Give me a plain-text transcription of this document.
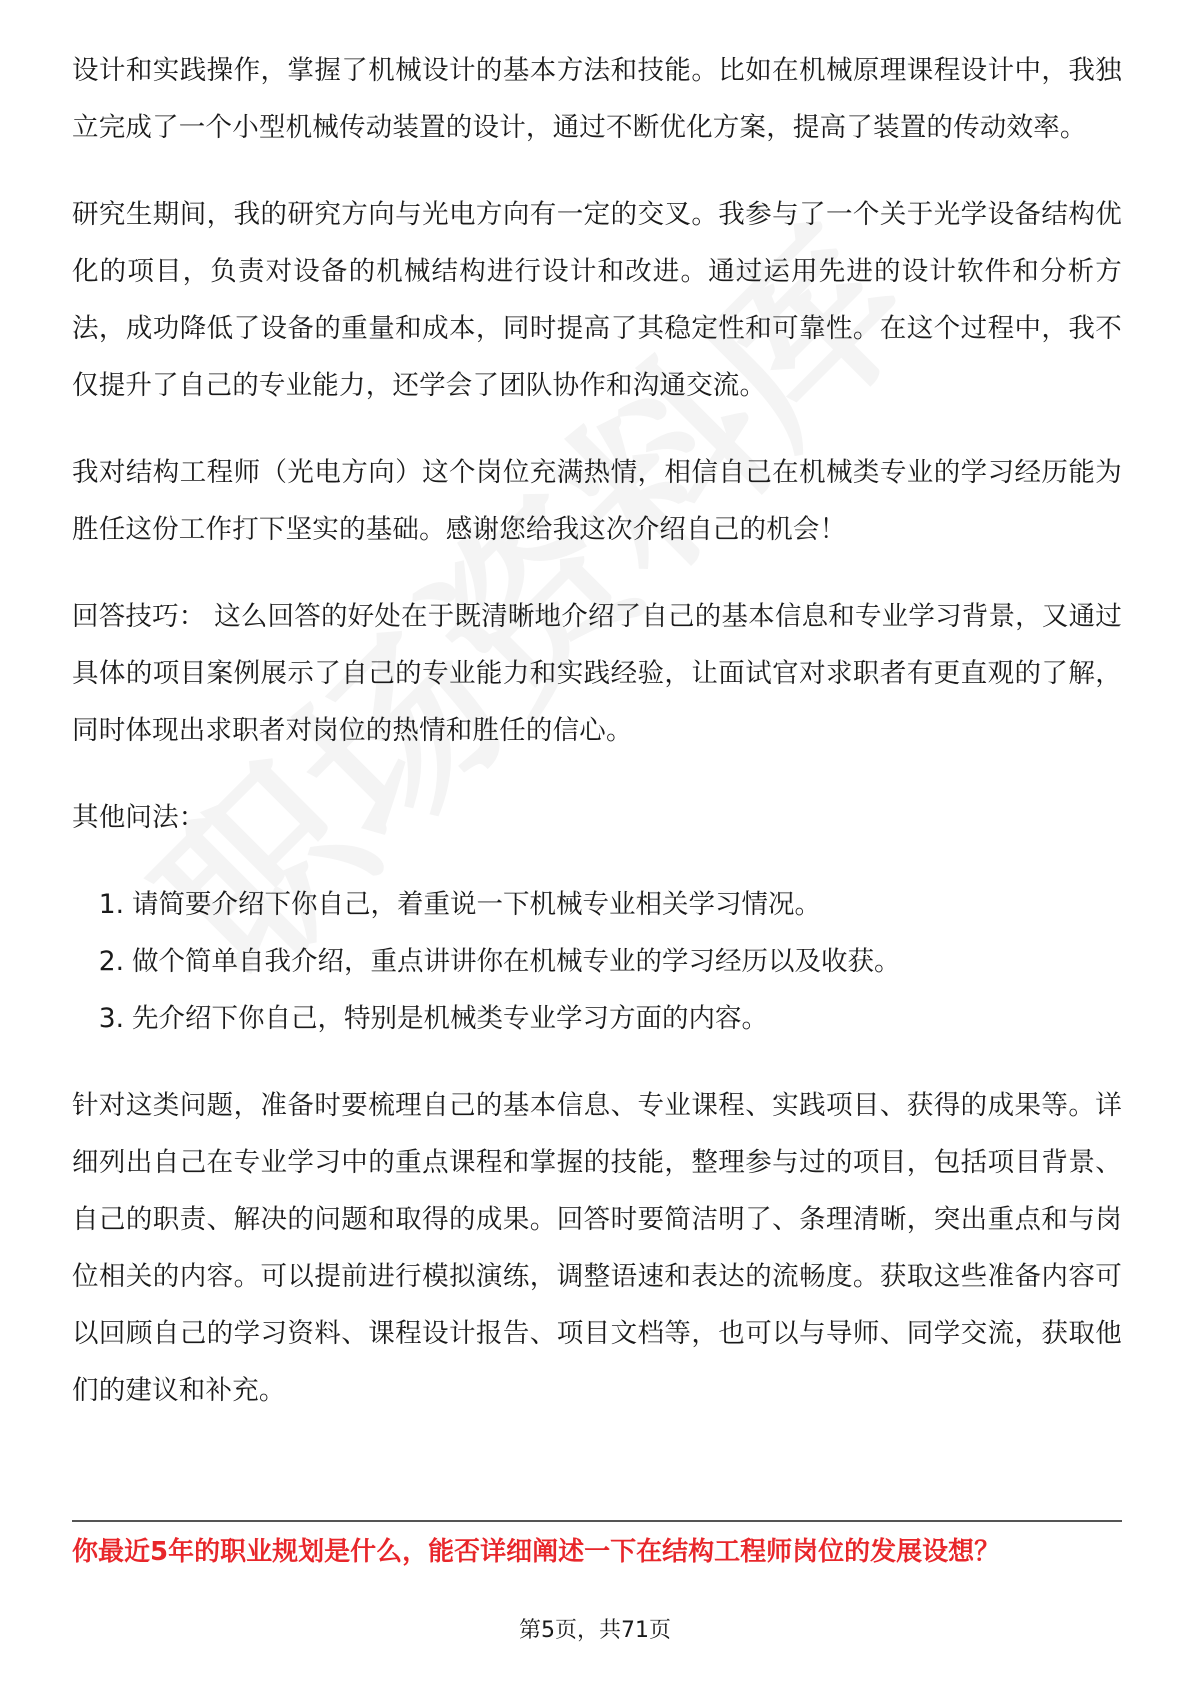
设计和实践操作，掌握了机械设计的基本方法和技能。比如在机械原理课程设计中，我独立完成了一个小型机械传动装置的设计，通过不断优化方案，提高了装置的传动效率。

研究生期间，我的研究方向与光电方向有一定的交叉。我参与了一个关于光学设备结构优化的项目，负责对设备的机械结构进行设计和改进。通过运用先进的设计软件和分析方法，成功降低了设备的重量和成本，同时提高了其稳定性和可靠性。在这个过程中，我不仅提升了自己的专业能力，还学会了团队协作和沟通交流。

我对结构工程师（光电方向）这个岗位充满热情，相信自己在机械类专业的学习经历能为胜任这份工作打下坚实的基础。感谢您给我这次介绍自己的机会！

回答技巧： 这么回答的好处在于既清晰地介绍了自己的基本信息和专业学习背景，又通过具体的项目案例展示了自己的专业能力和实践经验，让面试官对求职者有更直观的了解，同时体现出求职者对岗位的热情和胜任的信心。

其他问法：

1. 请简要介绍下你自己，着重说一下机械专业相关学习情况。
2. 做个简单自我介绍，重点讲讲你在机械专业的学习经历以及收获。
3. 先介绍下你自己，特别是机械类专业学习方面的内容。

针对这类问题，准备时要梳理自己的基本信息、专业课程、实践项目、获得的成果等。详细列出自己在专业学习中的重点课程和掌握的技能，整理参与过的项目，包括项目背景、自己的职责、解决的问题和取得的成果。回答时要简洁明了、条理清晰，突出重点和与岗位相关的内容。可以提前进行模拟演练，调整语速和表达的流畅度。获取这些准备内容可以回顾自己的学习资料、课程设计报告、项目文档等，也可以与导师、同学交流，获取他们的建议和补充。

你最近5年的职业规划是什么，能否详细阐述一下在结构工程师岗位的发展设想？
第5页，共71页
